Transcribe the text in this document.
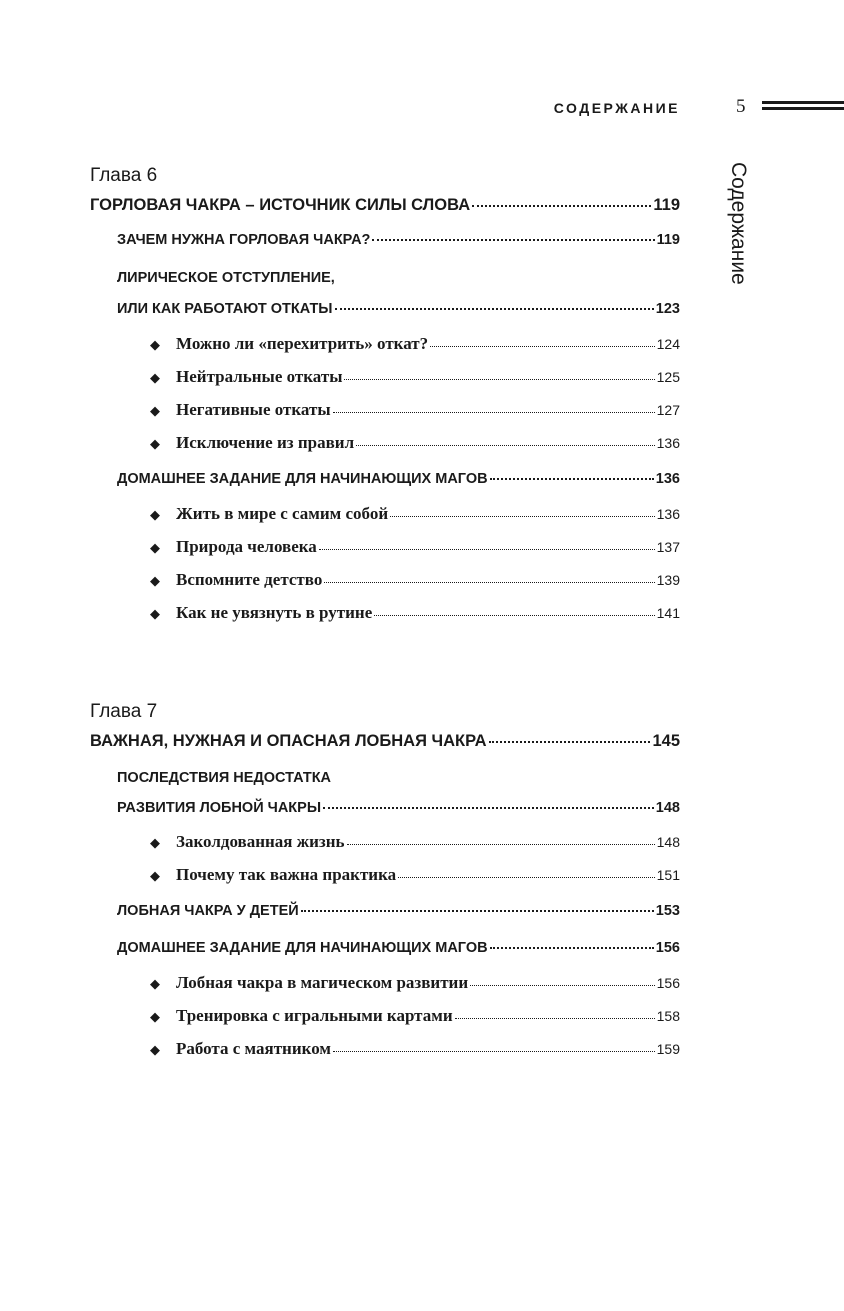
СОДЕРЖАНИЕ	5
Содержание
Глава 6
ГОРЛОВАЯ ЧАКРА – ИСТОЧНИК СИЛЫ СЛОВА	119
ЗАЧЕМ НУЖНА ГОРЛОВАЯ ЧАКРА?	119
ЛИРИЧЕСКОЕ ОТСТУПЛЕНИЕ,
ИЛИ КАК РАБОТАЮТ ОТКАТЫ	123
◆ Можно ли «перехитрить» откат?	124
◆ Нейтральные откаты	125
◆ Негативные откаты	127
◆ Исключение из правил	136
ДОМАШНЕЕ ЗАДАНИЕ ДЛЯ НАЧИНАЮЩИХ МАГОВ	136
◆ Жить в мире с самим собой	136
◆ Природа человека	137
◆ Вспомните детство	139
◆ Как не увязнуть в рутине	141
Глава 7
ВАЖНАЯ, НУЖНАЯ И ОПАСНАЯ ЛОБНАЯ ЧАКРА	145
ПОСЛЕДСТВИЯ НЕДОСТАТКА
РАЗВИТИЯ ЛОБНОЙ ЧАКРЫ	148
◆ Заколдованная жизнь	148
◆ Почему так важна практика	151
ЛОБНАЯ ЧАКРА У ДЕТЕЙ	153
ДОМАШНЕЕ ЗАДАНИЕ ДЛЯ НАЧИНАЮЩИХ МАГОВ	156
◆ Лобная чакра в магическом развитии	156
◆ Тренировка с игральными картами	158
◆ Работа с маятником	159
